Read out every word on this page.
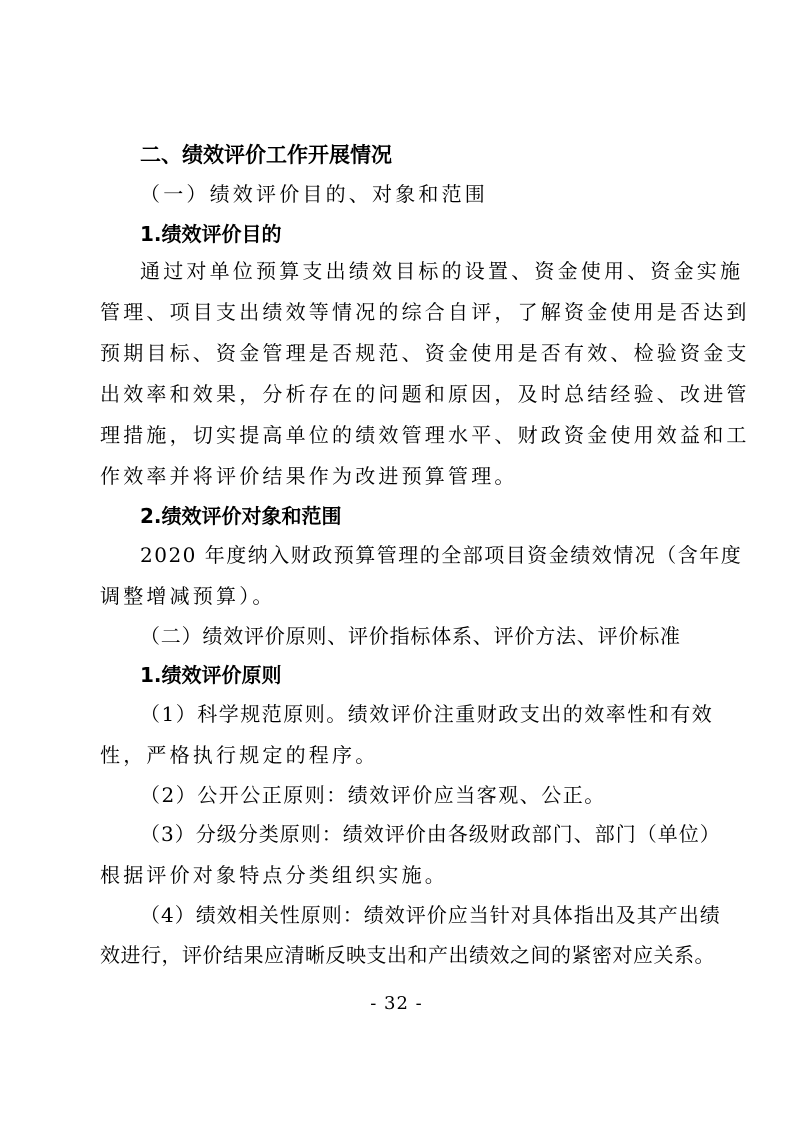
二、绩效评价工作开展情况
（一）绩效评价目的、对象和范围
1.绩效评价目的
通过对单位预算支出绩效目标的设置、资金使用、资金实施
管理、项目支出绩效等情况的综合自评，了解资金使用是否达到
预期目标、资金管理是否规范、资金使用是否有效、检验资金支
出效率和效果，分析存在的问题和原因，及时总结经验、改进管
理措施，切实提高单位的绩效管理水平、财政资金使用效益和工
作效率并将评价结果作为改进预算管理。
2.绩效评价对象和范围
2020 年度纳入财政预算管理的全部项目资金绩效情况（含年度
调整增减预算）。
（二）绩效评价原则、评价指标体系、评价方法、评价标准
1.绩效评价原则
（1）科学规范原则。绩效评价注重财政支出的效率性和有效
性，严格执行规定的程序。
（2）公开公正原则：绩效评价应当客观、公正。
（3）分级分类原则：绩效评价由各级财政部门、部门（单位）
根据评价对象特点分类组织实施。
（4）绩效相关性原则：绩效评价应当针对具体指出及其产出绩
效进行，评价结果应清晰反映支出和产出绩效之间的紧密对应关系。
- 32 -
